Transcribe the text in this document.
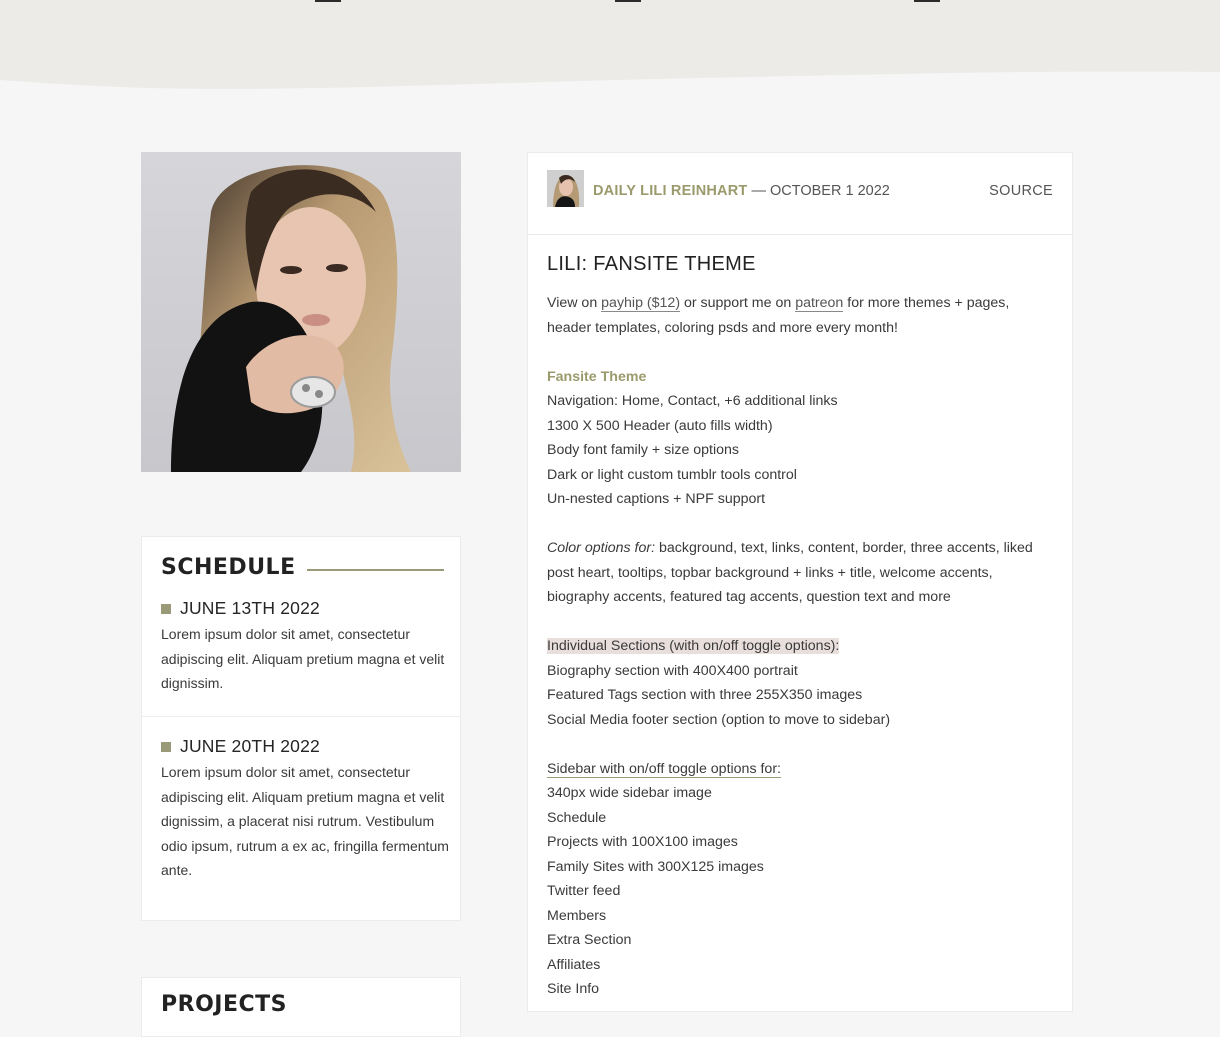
SCHEDULE
JUNE 13TH 2022
Lorem ipsum dolor sit amet, consectetur adipiscing elit. Aliquam pretium magna et velit dignissim.
JUNE 20TH 2022
Lorem ipsum dolor sit amet, consectetur adipiscing elit. Aliquam pretium magna et velit dignissim, a placerat nisi rutrum. Vestibulum odio ipsum, rutrum a ex ac, fringilla fermentum ante.
PROJECTS
DAILY LILI REINHART — OCTOBER 1 2022	SOURCE
LILI: FANSITE THEME
View on payhip ($12) or support me on patreon for more themes + pages, header templates, coloring psds and more every month!
Fansite Theme
Navigation: Home, Contact, +6 additional links
1300 X 500 Header (auto fills width)
Body font family + size options
Dark or light custom tumblr tools control
Un-nested captions + NPF support
Color options for: background, text, links, content, border, three accents, liked post heart, tooltips, topbar background + links + title, welcome accents, biography accents, featured tag accents, question text and more
Individual Sections (with on/off toggle options):
Biography section with 400X400 portrait
Featured Tags section with three 255X350 images
Social Media footer section (option to move to sidebar)
Sidebar with on/off toggle options for:
340px wide sidebar image
Schedule
Projects with 100X100 images
Family Sites with 300X125 images
Twitter feed
Members
Extra Section
Affiliates
Site Info
